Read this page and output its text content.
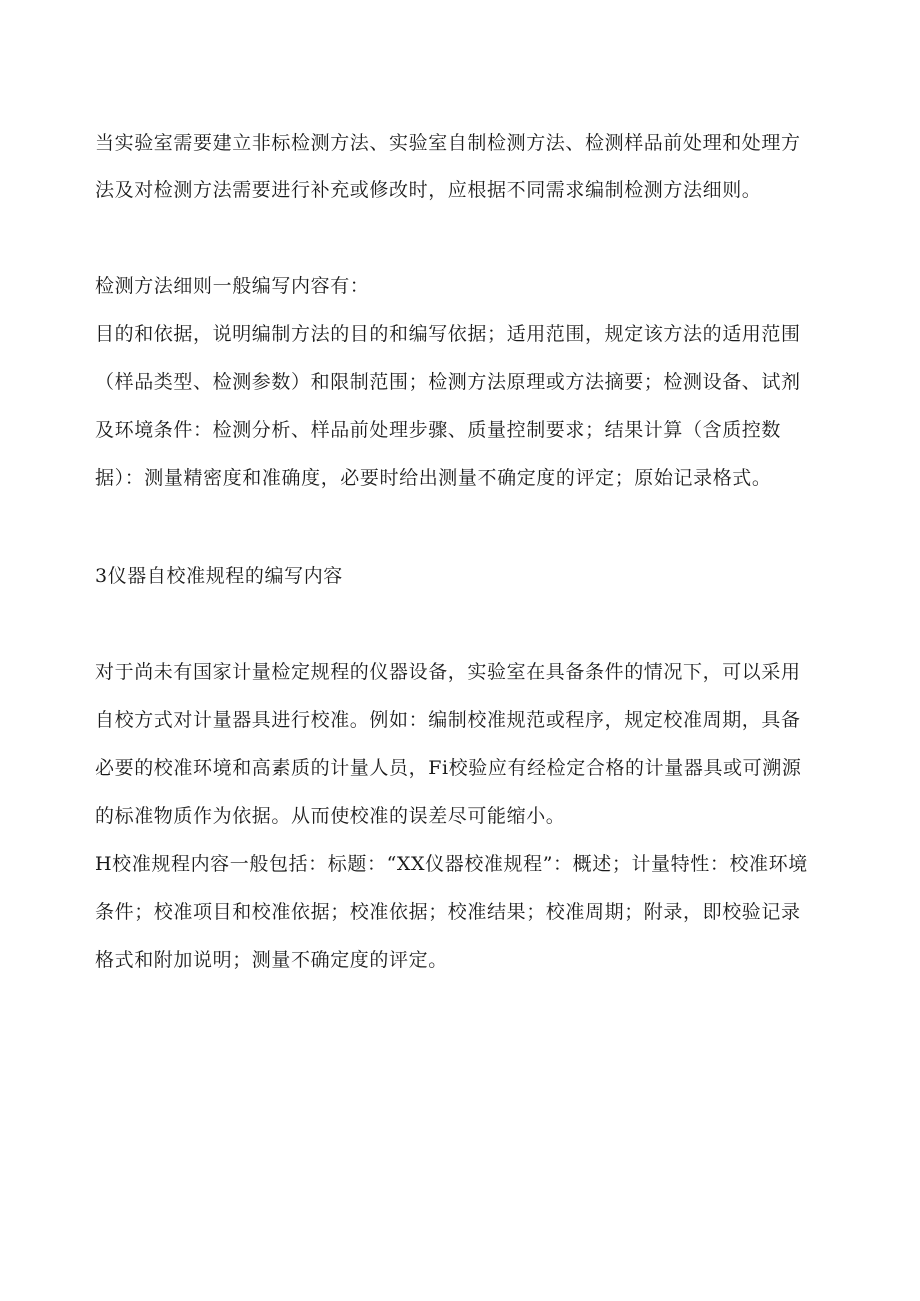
当实验室需要建立非标检测方法、实验室自制检测方法、检测样品前处理和处理方
法及对检测方法需要进行补充或修改时，应根据不同需求编制检测方法细则。
检测方法细则一般编写内容有：
目的和依据，说明编制方法的目的和编写依据；适用范围，规定该方法的适用范围
（样品类型、检测参数）和限制范围；检测方法原理或方法摘要；检测设备、试剂
及环境条件：检测分析、样品前处理步骤、质量控制要求；结果计算（含质控数
据）：测量精密度和准确度，必要时给出测量不确定度的评定；原始记录格式。
3仪器自校准规程的编写内容
对于尚未有国家计量检定规程的仪器设备，实验室在具备条件的情况下，可以采用
自校方式对计量器具进行校准。例如：编制校准规范或程序，规定校准周期，具备
必要的校准环境和高素质的计量人员，Fi校验应有经检定合格的计量器具或可溯源
的标准物质作为依据。从而使校准的误差尽可能缩小。
H校准规程内容一般包括：标题：“XX仪器校准规程”：概述；计量特性：校准环境
条件；校准项目和校准依据；校准依据；校准结果；校准周期；附录，即校验记录
格式和附加说明；测量不确定度的评定。
